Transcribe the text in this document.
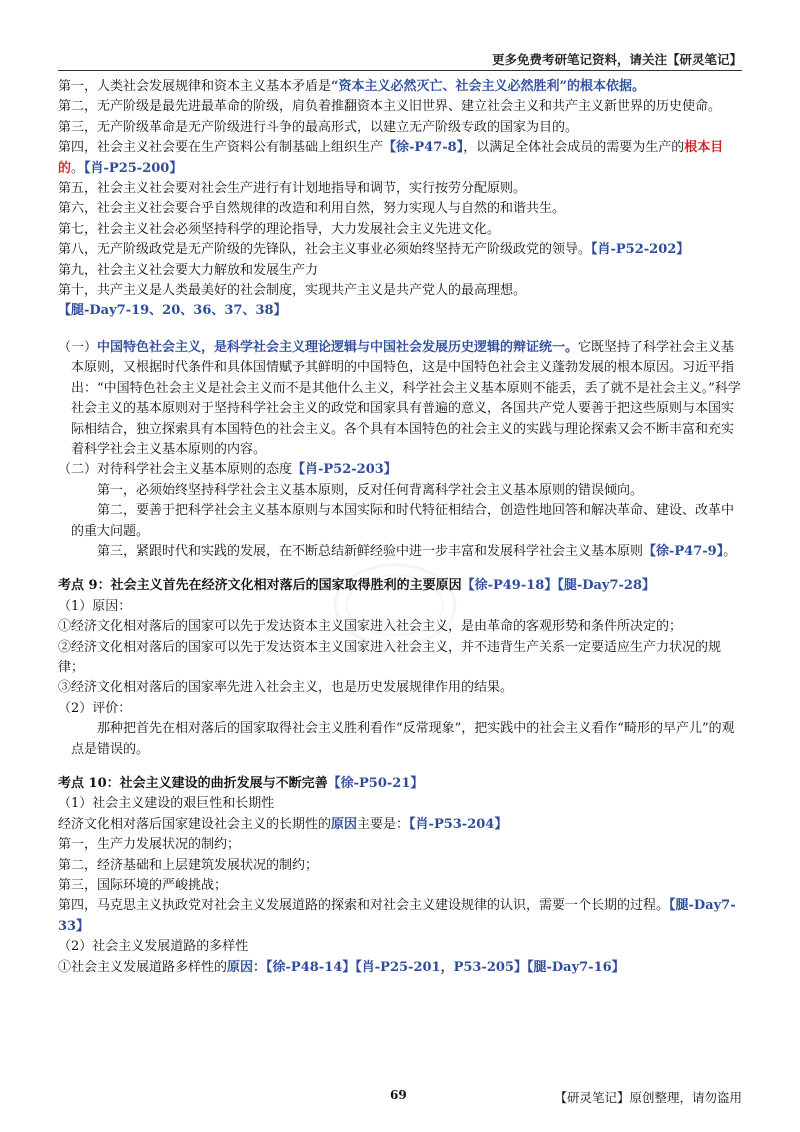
更多免费考研笔记资料，请关注【研灵笔记】

第一，人类社会发展规律和资本主义基本矛盾是“资本主义必然灭亡、社会主义必然胜利”的根本依据。

第二，无产阶级是最先进最革命的阶级，肩负着推翻资本主义旧世界、建立社会主义和共产主义新世界的历史使命。

第三，无产阶级革命是无产阶级进行斗争的最高形式，以建立无产阶级专政的国家为目的。

第四，社会主义社会要在生产资料公有制基础上组织生产【徐-P47-8】，以满足全体社会成员的需要为生产的根本目的。【肖-P25-200】

第五，社会主义社会要对社会生产进行有计划地指导和调节，实行按劳分配原则。

第六，社会主义社会要合乎自然规律的改造和利用自然，努力实现人与自然的和谐共生。

第七，社会主义社会必须坚持科学的理论指导，大力发展社会主义先进文化。

第八，无产阶级政党是无产阶级的先锋队，社会主义事业必须始终坚持无产阶级政党的领导。【肖-P52-202】

第九，社会主义社会要大力解放和发展生产力

第十，共产主义是人类最美好的社会制度，实现共产主义是共产党人的最高理想。【腿-Day7-19、20、36、37、38】

（一）中国特色社会主义，是科学社会主义理论逻辑与中国社会发展历史逻辑的辩证统一。它既坚持了科学社会主义基本原则，又根据时代条件和具体国情赋予其鲜明的中国特色，这是中国特色社会主义蓬勃发展的根本原因。习近平指出：“中国特色社会主义是社会主义而不是其他什么主义，科学社会主义基本原则不能丢，丢了就不是社会主义。”科学社会主义的基本原则对于坚持科学社会主义的政党和国家具有普遍的意义，各国共产党人要善于把这些原则与本国实际相结合，独立探索具有本国特色的社会主义。各个具有本国特色的社会主义的实践与理论探索又会不断丰富和充实着科学社会主义基本原则的内容。

（二）对待科学社会主义基本原则的态度【肖-P52-203】

第一，必须始终坚持科学社会主义基本原则，反对任何背离科学社会主义基本原则的错误倾向。

第二，要善于把科学社会主义基本原则与本国实际和时代特征相结合，创造性地回答和解决革命、建设、改革中的重大问题。

第三，紧跟时代和实践的发展，在不断总结新鲜经验中进一步丰富和发展科学社会主义基本原则【徐-P47-9】。

考点 9：社会主义首先在经济文化相对落后的国家取得胜利的主要原因【徐-P49-18】【腿-Day7-28】

（1）原因：

①经济文化相对落后的国家可以先于发达资本主义国家进入社会主义，是由革命的客观形势和条件所决定的；

②经济文化相对落后的国家可以先于发达资本主义国家进入社会主义，并不违背生产关系一定要适应生产力状况的规律；

③经济文化相对落后的国家率先进入社会主义，也是历史发展规律作用的结果。

（2）评价：

那种把首先在相对落后的国家取得社会主义胜利看作“反常现象”，把实践中的社会主义看作“畸形的早产儿”的观点是错误的。

考点 10：社会主义建设的曲折发展与不断完善【徐-P50-21】

（1）社会主义建设的艰巨性和长期性

经济文化相对落后国家建设社会主义的长期性的原因主要是：【肖-P53-204】

第一，生产力发展状况的制约；

第二，经济基础和上层建筑发展状况的制约；

第三，国际环境的严峻挑战；

第四，马克思主义执政党对社会主义发展道路的探索和对社会主义建设规律的认识，需要一个长期的过程。【腿-Day7-33】

（2）社会主义发展道路的多样性

①社会主义发展道路多样性的原因：【徐-P48-14】【肖-P25-201，P53-205】【腿-Day7-16】

69	【研灵笔记】原创整理，请勿盗用
